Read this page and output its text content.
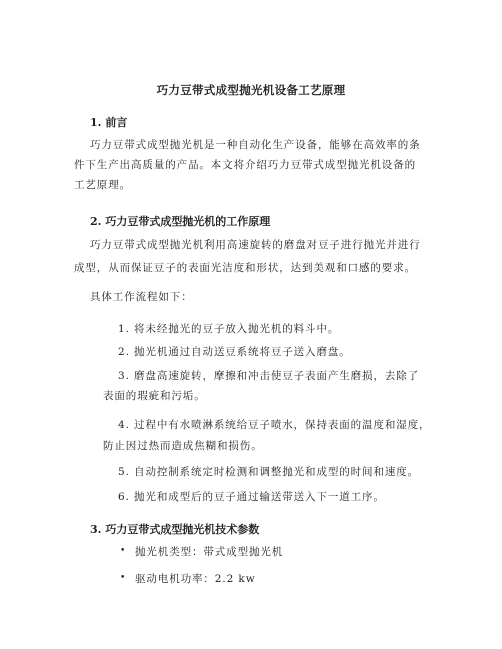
巧力豆带式成型抛光机设备工艺原理
1. 前言
巧力豆带式成型抛光机是一种自动化生产设备，能够在高效率的条
件下生产出高质量的产品。本文将介绍巧力豆带式成型抛光机设备的
工艺原理。
2. 巧力豆带式成型抛光机的工作原理
巧力豆带式成型抛光机利用高速旋转的磨盘对豆子进行抛光并进行
成型，从而保证豆子的表面光洁度和形状，达到美观和口感的要求。
具体工作流程如下：
1. 将未经抛光的豆子放入抛光机的料斗中。
2. 抛光机通过自动送豆系统将豆子送入磨盘。
3. 磨盘高速旋转，摩擦和冲击使豆子表面产生磨损，去除了
表面的瑕疵和污垢。
4. 过程中有水喷淋系统给豆子喷水，保持表面的温度和湿度，
防止因过热而造成焦糊和损伤。
5. 自动控制系统定时检测和调整抛光和成型的时间和速度。
6. 抛光和成型后的豆子通过输送带送入下一道工序。
3. 巧力豆带式成型抛光机技术参数
• 抛光机类型：带式成型抛光机
• 驱动电机功率：2.2 kw
